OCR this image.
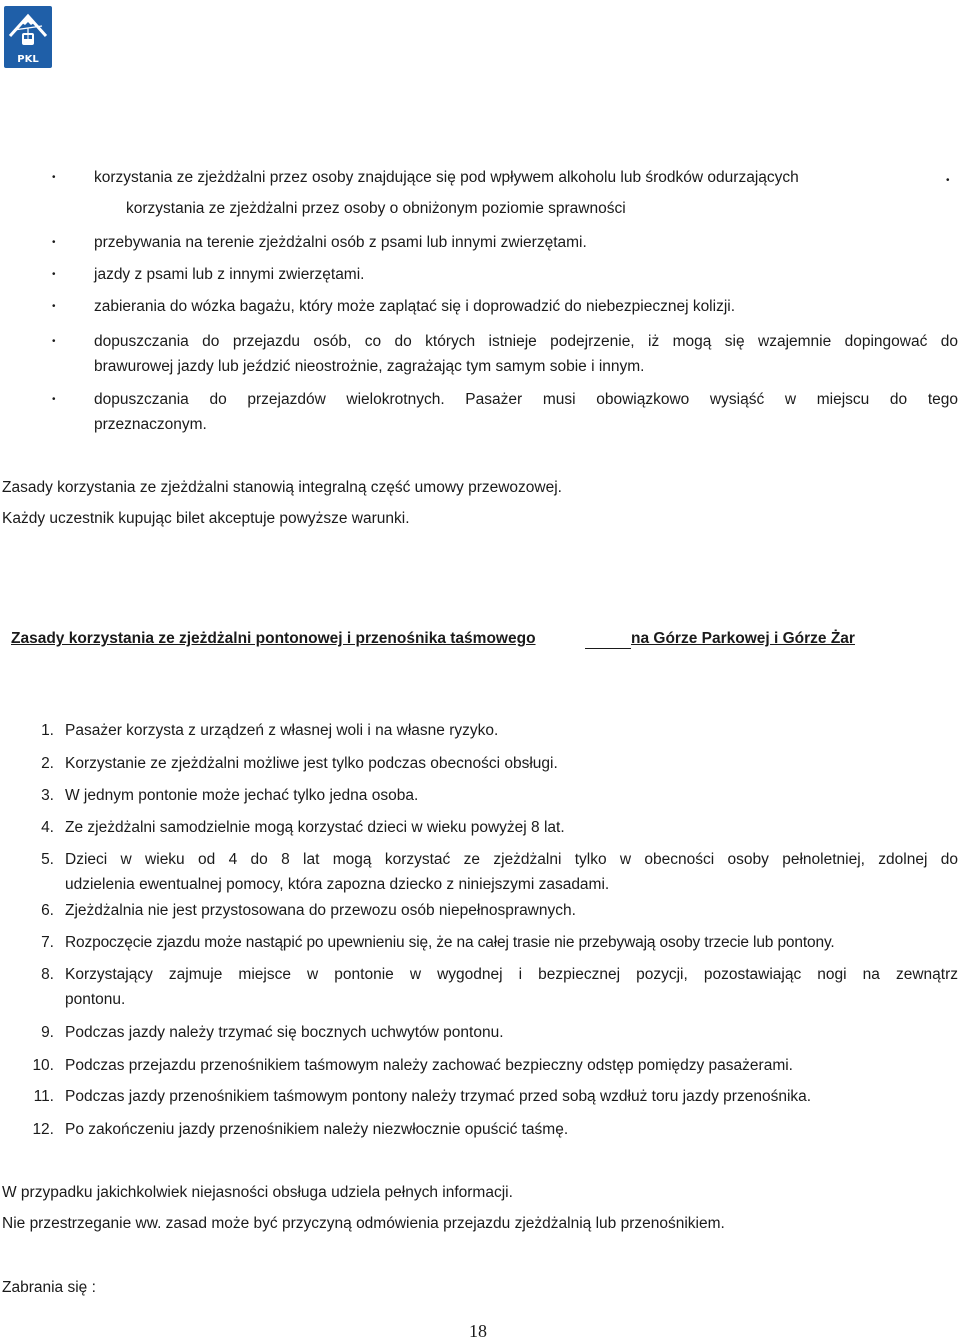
PKL
• korzystania ze zjeżdżalni przez osoby znajdujące się pod wpływem alkoholu lub środków odurzających	•
korzystania ze zjeżdżalni przez osoby o obniżonym poziomie sprawności
• przebywania na terenie zjeżdżalni osób z psami lub innymi zwierzętami.
• jazdy z psami lub z innymi zwierzętami.
• zabierania do wózka bagażu, który może zaplątać się i doprowadzić do niebezpiecznej kolizji.
• dopuszczania do przejazdu osób, co do których istnieje podejrzenie, iż mogą się wzajemnie dopingować do
brawurowej jazdy lub jeździć nieostrożnie, zagrażając tym samym sobie i innym.
• dopuszczania do przejazdów wielokrotnych. Pasażer musi obowiązkowo wysiąść w miejscu do tego
przeznaczonym.
Zasady korzystania ze zjeżdżalni stanowią integralną część umowy przewozowej.
Każdy uczestnik kupując bilet akceptuje powyższe warunki.
Zasady korzystania ze zjeżdżalni pontonowej i przenośnika taśmowego	na Górze Parkowej i Górze Żar
1. Pasażer korzysta z urządzeń z własnej woli i na własne ryzyko.
2. Korzystanie ze zjeżdżalni możliwe jest tylko podczas obecności obsługi.
3. W jednym pontonie może jechać tylko jedna osoba.
4. Ze zjeżdżalni samodzielnie mogą korzystać dzieci w wieku powyżej 8 lat.
5. Dzieci w wieku od 4 do 8 lat mogą korzystać ze zjeżdżalni tylko w obecności osoby pełnoletniej, zdolnej do
udzielenia ewentualnej pomocy, która zapozna dziecko z niniejszymi zasadami.
6. Zjeżdżalnia nie jest przystosowana do przewozu osób niepełnosprawnych.
7. Rozpoczęcie zjazdu może nastąpić po upewnieniu się, że na całej trasie nie przebywają osoby trzecie lub pontony.
8. Korzystający zajmuje miejsce w pontonie w wygodnej i bezpiecznej pozycji, pozostawiając nogi na zewnątrz
pontonu.
9. Podczas jazdy należy trzymać się bocznych uchwytów pontonu.
10. Podczas przejazdu przenośnikiem taśmowym należy zachować bezpieczny odstęp pomiędzy pasażerami.
11. Podczas jazdy przenośnikiem taśmowym pontony należy trzymać przed sobą wzdłuż toru jazdy przenośnika.
12. Po zakończeniu jazdy przenośnikiem należy niezwłocznie opuścić taśmę.
W przypadku jakichkolwiek niejasności obsługa udziela pełnych informacji.
Nie przestrzeganie ww. zasad może być przyczyną odmówienia przejazdu zjeżdżalnią lub przenośnikiem.
Zabrania się :
18
